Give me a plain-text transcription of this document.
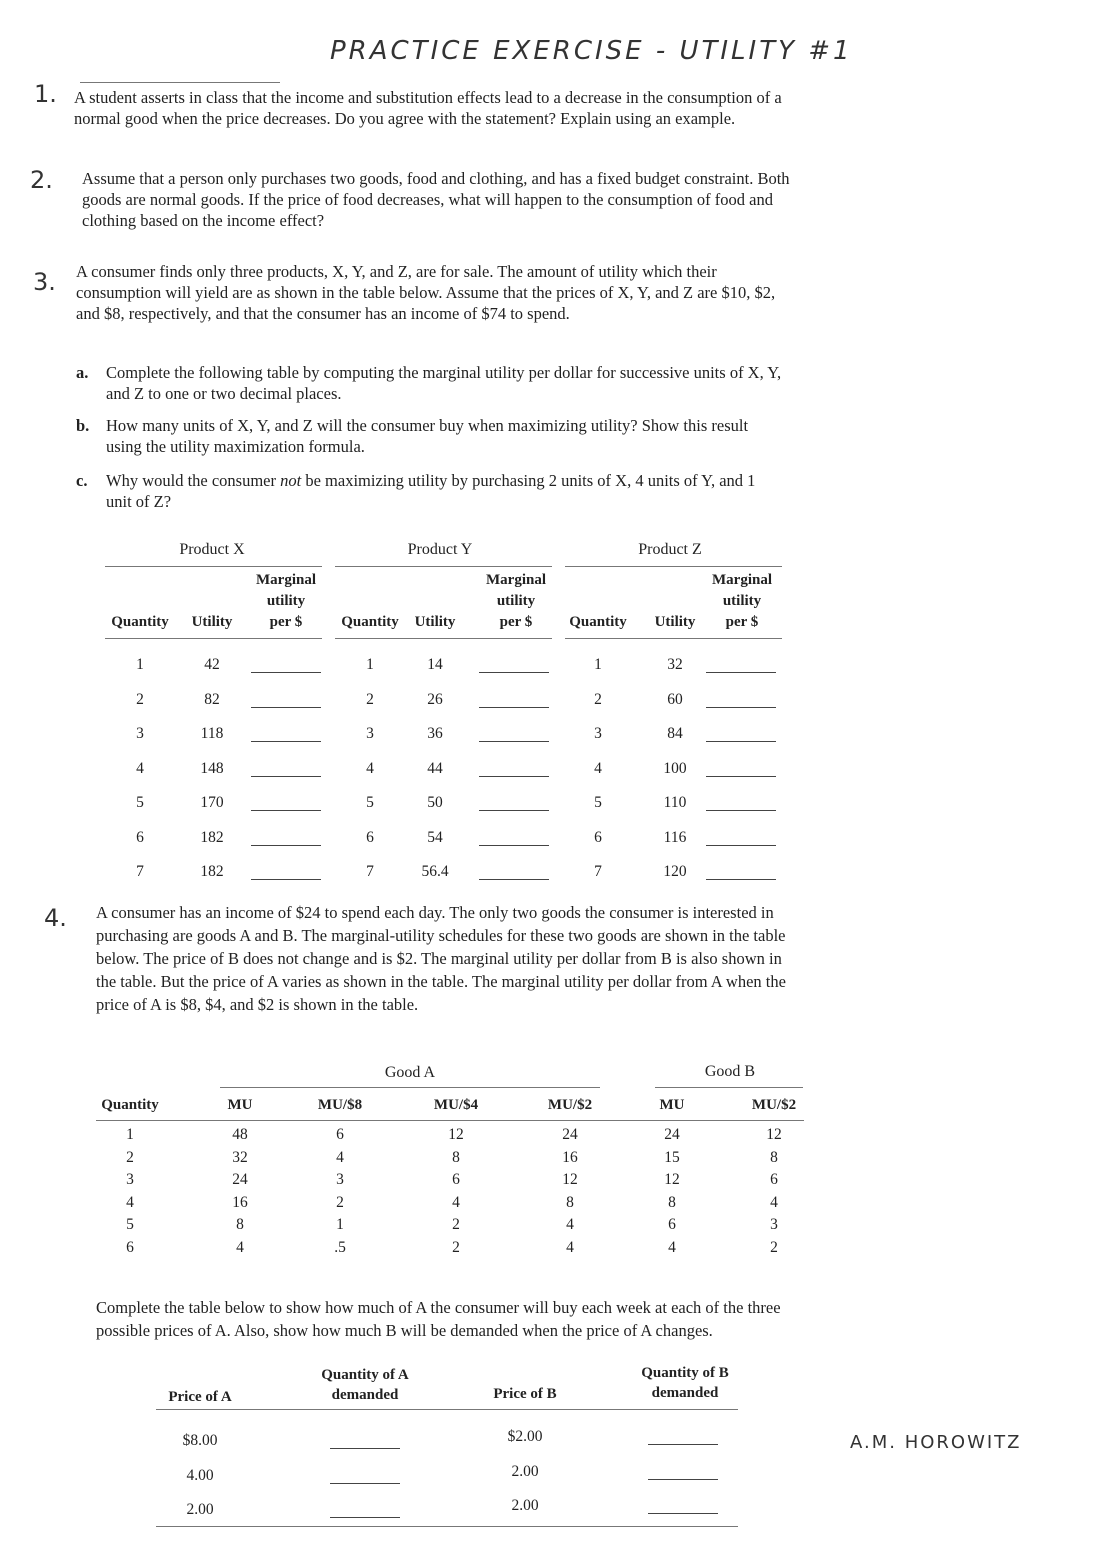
PRACTICE EXERCISE - UTILITY #1
1. A student asserts in class that the income and substitution effects lead to a decrease in the consumption of a normal good when the price decreases. Do you agree with the statement? Explain using an example.
2. Assume that a person only purchases two goods, food and clothing, and has a fixed budget constraint. Both goods are normal goods. If the price of food decreases, what will happen to the consumption of food and clothing based on the income effect?
3. A consumer finds only three products, X, Y, and Z, are for sale. The amount of utility which their consumption will yield are as shown in the table below. Assume that the prices of X, Y, and Z are $10, $2, and $8, respectively, and that the consumer has an income of $74 to spend.
a. Complete the following table by computing the marginal utility per dollar for successive units of X, Y, and Z to one or two decimal places.
b. How many units of X, Y, and Z will the consumer buy when maximizing utility? Show this result using the utility maximization formula.
c. Why would the consumer not be maximizing utility by purchasing 2 units of X, 4 units of Y, and 1 unit of Z?
Product X
Marginal
utility
per $
Quantity	Utility
1	42
2	82
3	118
4	148
5	170
6	182
7	182
Product Y
Marginal
utility
per $
Quantity	Utility
1	14
2	26
3	36
4	44
5	50
6	54
7	56.4
Product Z
Marginal
utility
per $
Quantity	Utility
1	32
2	60
3	84
4	100
5	110
6	116
7	120
4. A consumer has an income of $24 to spend each day. The only two goods the consumer is interested in purchasing are goods A and B. The marginal-utility schedules for these two goods are shown in the table below. The price of B does not change and is $2. The marginal utility per dollar from B is also shown in the table. But the price of A varies as shown in the table. The marginal utility per dollar from A when the price of A is $8, $4, and $2 is shown in the table.
Good A	Good B
Quantity	MU	MU/$8	MU/$4	MU/$2	MU	MU/$2
1	48	6	12	24	24	12
2	32	4	8	16	15	8
3	24	3	6	12	12	6
4	16	2	4	8	8	4
5	8	1	2	4	6	3
6	4	.5	2	4	4	2
Complete the table below to show how much of A the consumer will buy each week at each of the three possible prices of A. Also, show how much B will be demanded when the price of A changes.
Price of A
Quantity of A
demanded	Price of B
Quantity of B
demanded
$8.00	$2.00
4.00	2.00
2.00	2.00
A.M. HOROWITZ
